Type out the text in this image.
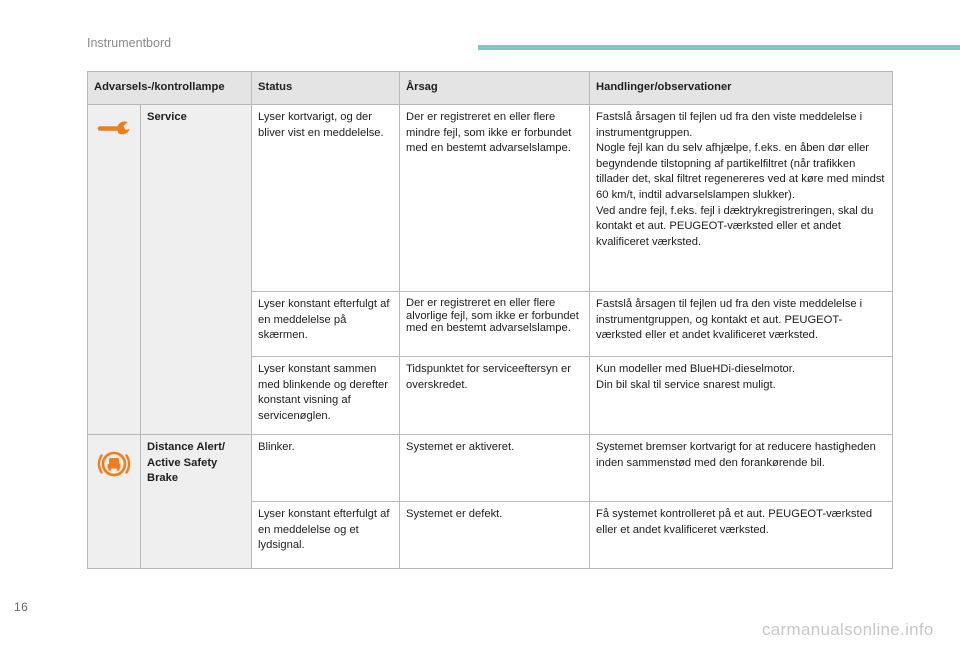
Instrumentbord
Advarsels-/kontrollampe		Status	Årsag	Handlinger/observationer
	Service	Lyser kortvarigt, og der bliver vist en meddelelse.	Der er registreret en eller flere mindre fejl, som ikke er forbundet med en bestemt advarselslampe.	Fastslå årsagen til fejlen ud fra den viste meddelelse i instrumentgruppen.
Nogle fejl kan du selv afhjælpe, f.eks. en åben dør eller begyndende tilstopning af partikelfiltret (når trafikken tillader det, skal filtret regenereres ved at køre med mindst 60 km/t, indtil advarselslampen slukker).
Ved andre fejl, f.eks. fejl i dæktrykregistreringen, skal du kontakt et aut. PEUGEOT-værksted eller et andet kvalificeret værksted.

		Lyser konstant efterfulgt af en meddelelse på skærmen.	Der er registreret en eller flere alvorlige fejl, som ikke er forbundet med en bestemt advarselslampe.	Fastslå årsagen til fejlen ud fra den viste meddelelse i instrumentgruppen, og kontakt et aut. PEUGEOT-værksted eller et andet kvalificeret værksted.

		Lyser konstant sammen med blinkende og derefter konstant visning af servicenøglen.	Tidspunktet for serviceeftersyn er overskredet.	Kun modeller med BlueHDi-dieselmotor.
Din bil skal til service snarest muligt.

	Distance Alert/ Active Safety Brake	Blinker.	Systemet er aktiveret.	Systemet bremser kortvarigt for at reducere hastigheden inden sammenstød med den forankørende bil.

		Lyser konstant efterfulgt af en meddelelse og et lydsignal.	Systemet er defekt.	Få systemet kontrolleret på et aut. PEUGEOT-værksted eller et andet kvalificeret værksted.
16
carmanualsonline.info
